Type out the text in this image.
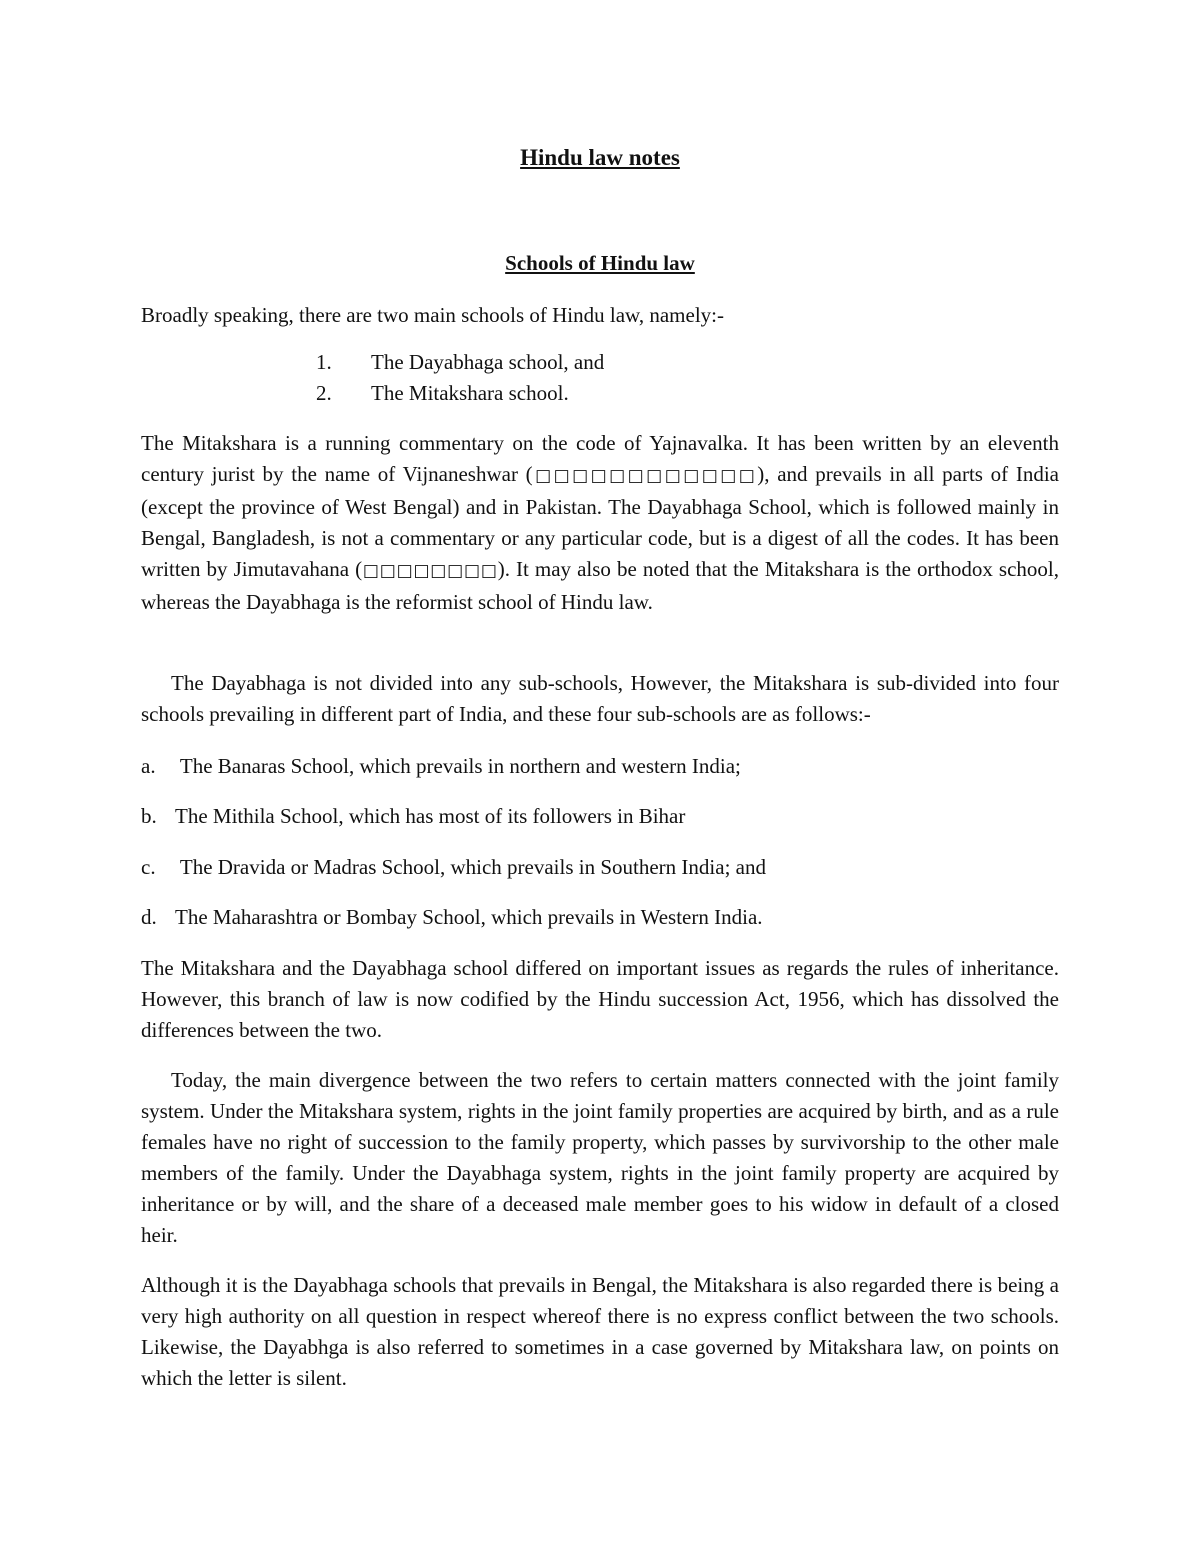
Hindu law notes
Schools of Hindu law
Broadly speaking, there are two main schools of Hindu law, namely:-
1. The Dayabhaga school, and
2. The Mitakshara school.
The Mitakshara is a running commentary on the code of Yajnavalka. It has been written by an eleventh century jurist by the name of Vijnaneshwar (□□□□□□□□□□□□), and prevails in all parts of India (except the province of West Bengal) and in Pakistan. The Dayabhaga School, which is followed mainly in Bengal, Bangladesh, is not a commentary or any particular code, but is a digest of all the codes. It has been written by Jimutavahana (□□□□□□□□). It may also be noted that the Mitakshara is the orthodox school, whereas the Dayabhaga is the reformist school of Hindu law.
The Dayabhaga is not divided into any sub-schools, However, the Mitakshara is sub-divided into four schools prevailing in different part of India, and these four sub-schools are as follows:-
a. The Banaras School, which prevails in northern and western India;
b. The Mithila School, which has most of its followers in Bihar
c. The Dravida or Madras School, which prevails in Southern India; and
d. The Maharashtra or Bombay School, which prevails in Western India.
The Mitakshara and the Dayabhaga school differed on important issues as regards the rules of inheritance. However, this branch of law is now codified by the Hindu succession Act, 1956, which has dissolved the differences between the two.
Today, the main divergence between the two refers to certain matters connected with the joint family system. Under the Mitakshara system, rights in the joint family properties are acquired by birth, and as a rule females have no right of succession to the family property, which passes by survivorship to the other male members of the family. Under the Dayabhaga system, rights in the joint family property are acquired by inheritance or by will, and the share of a deceased male member goes to his widow in default of a closed heir.
Although it is the Dayabhaga schools that prevails in Bengal, the Mitakshara is also regarded there is being a very high authority on all question in respect whereof there is no express conflict between the two schools. Likewise, the Dayabhga is also referred to sometimes in a case governed by Mitakshara law, on points on which the letter is silent.
